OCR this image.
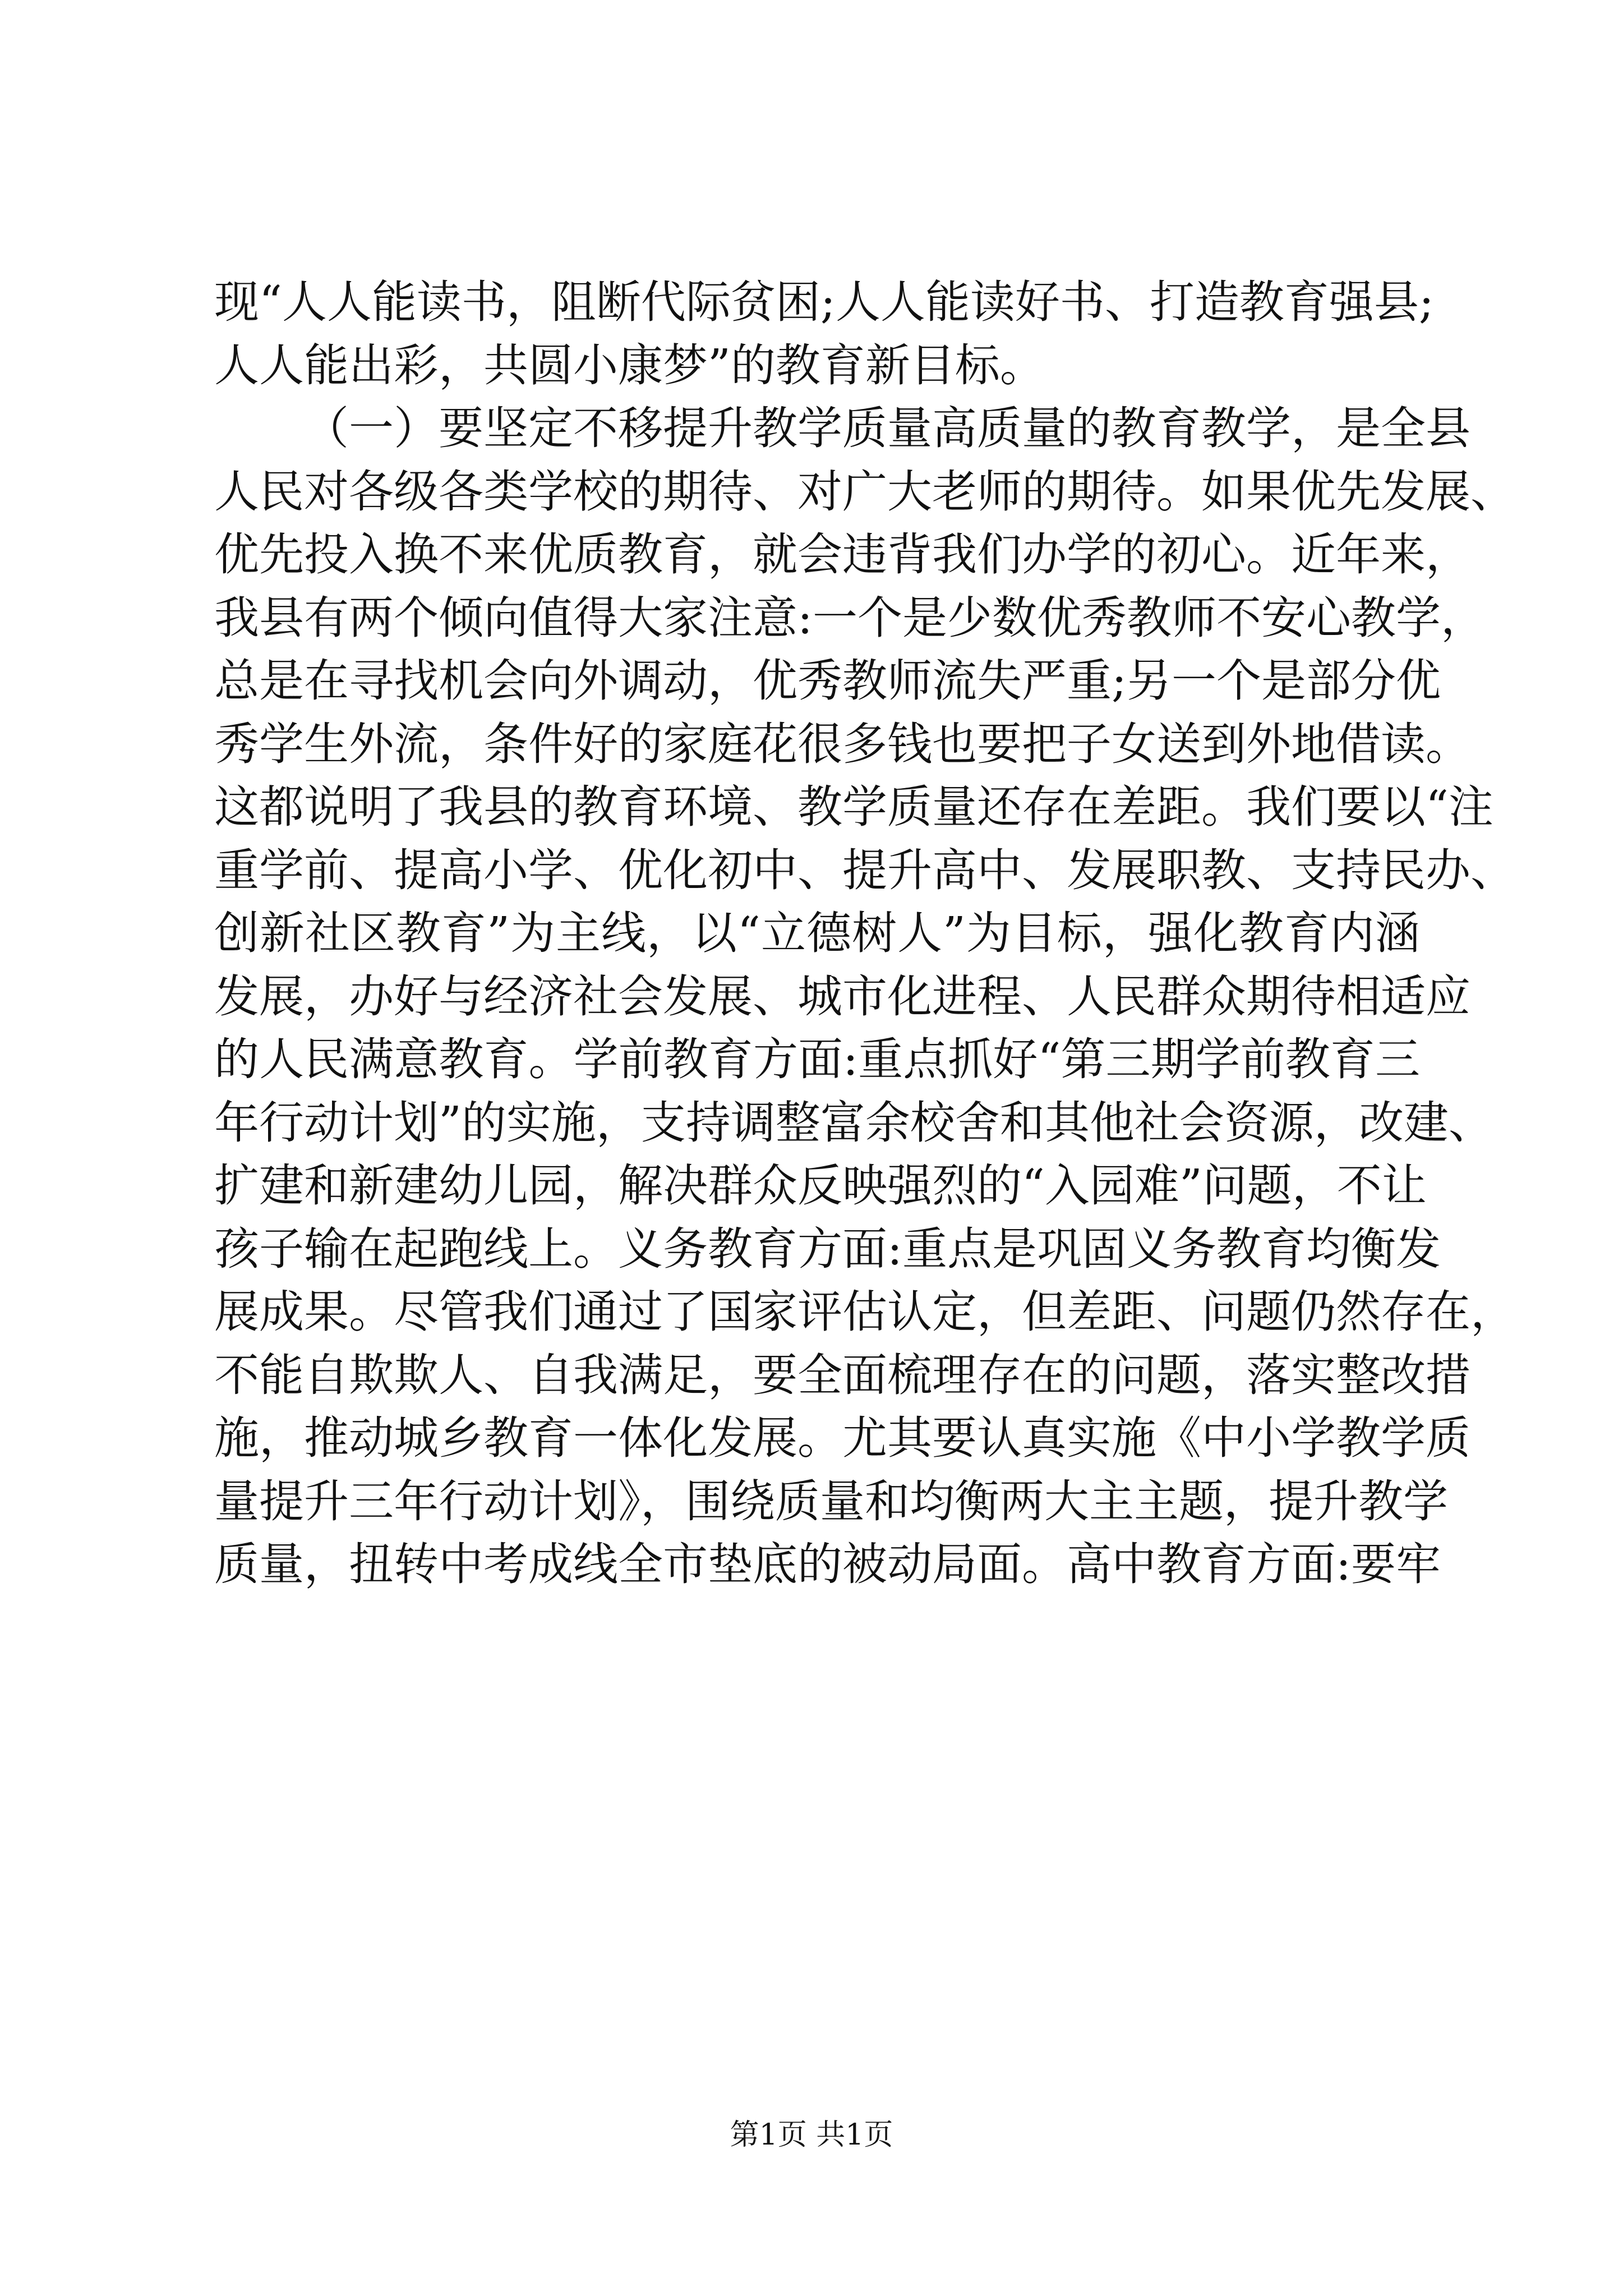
现“人人能读书，阻断代际贫困;人人能读好书、打造教育强县;
人人能出彩，共圆小康梦”的教育新目标。
（一）要坚定不移提升教学质量高质量的教育教学，是全县
人民对各级各类学校的期待、对广大老师的期待。如果优先发展、
优先投入换不来优质教育，就会违背我们办学的初心。近年来，
我县有两个倾向值得大家注意:一个是少数优秀教师不安心教学，
总是在寻找机会向外调动，优秀教师流失严重;另一个是部分优
秀学生外流，条件好的家庭花很多钱也要把子女送到外地借读。
这都说明了我县的教育环境、教学质量还存在差距。我们要以“注
重学前、提高小学、优化初中、提升高中、发展职教、支持民办、
创新社区教育”为主线，以“立德树人”为目标，强化教育内涵
发展，办好与经济社会发展、城市化进程、人民群众期待相适应
的人民满意教育。学前教育方面:重点抓好“第三期学前教育三
年行动计划”的实施，支持调整富余校舍和其他社会资源，改建、
扩建和新建幼儿园，解决群众反映强烈的“入园难”问题，不让
孩子输在起跑线上。义务教育方面:重点是巩固义务教育均衡发
展成果。尽管我们通过了国家评估认定，但差距、问题仍然存在，
不能自欺欺人、自我满足，要全面梳理存在的问题，落实整改措
施，推动城乡教育一体化发展。尤其要认真实施《中小学教学质
量提升三年行动计划》，围绕质量和均衡两大主主题，提升教学
质量，扭转中考成线全市垫底的被动局面。高中教育方面:要牢
第1页 共1页
